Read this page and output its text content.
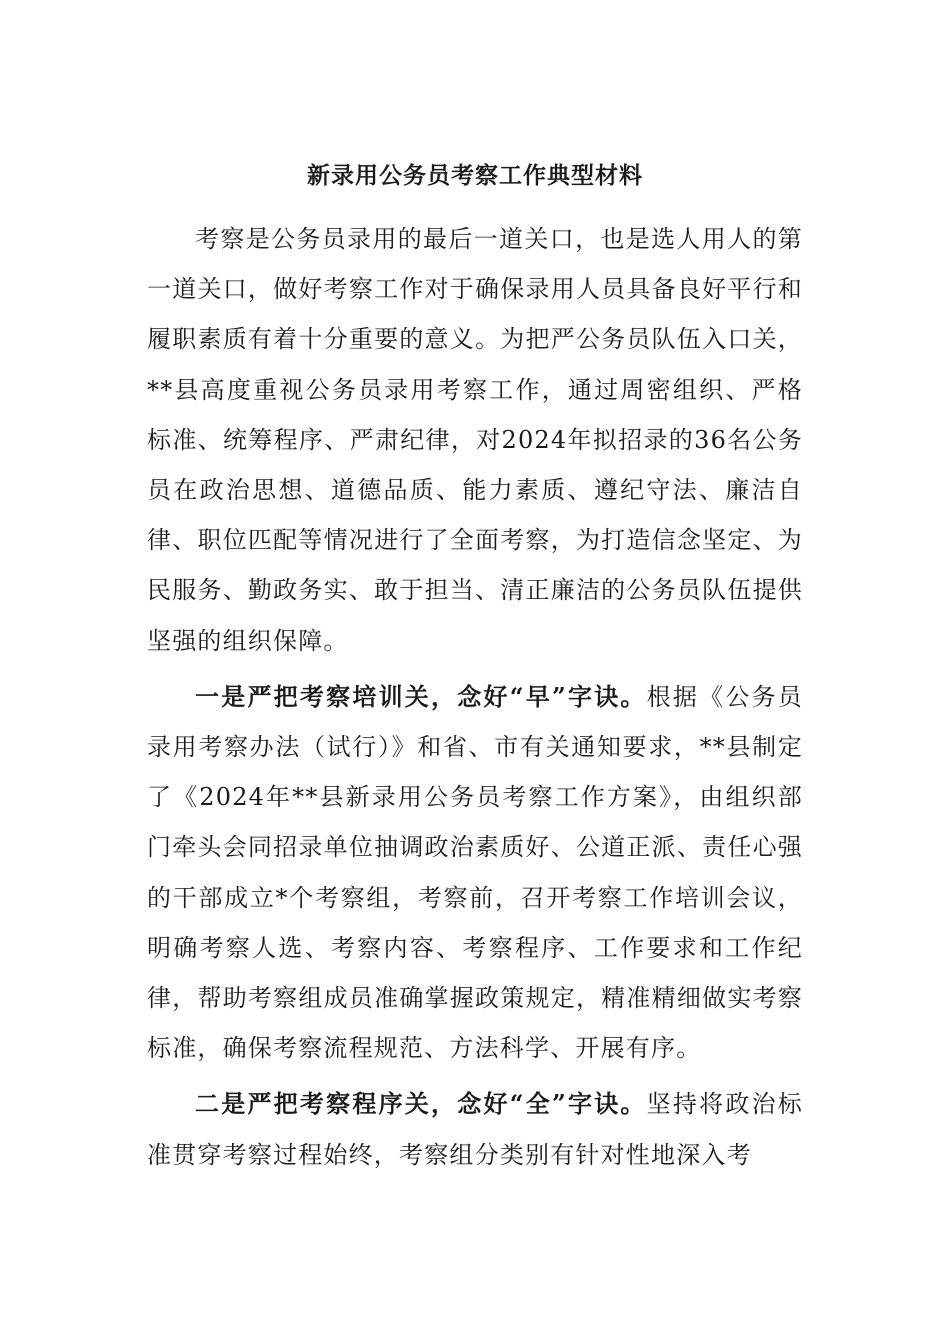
新录用公务员考察工作典型材料

考察是公务员录用的最后一道关口，也是选人用人的第一道关口，做好考察工作对于确保录用人员具备良好平行和履职素质有着十分重要的意义。为把严公务员队伍入口关，**县高度重视公务员录用考察工作，通过周密组织、严格标准、统筹程序、严肃纪律，对2024年拟招录的36名公务员在政治思想、道德品质、能力素质、遵纪守法、廉洁自律、职位匹配等情况进行了全面考察，为打造信念坚定、为民服务、勤政务实、敢于担当、清正廉洁的公务员队伍提供坚强的组织保障。

一是严把考察培训关，念好“早”字诀。根据《公务员录用考察办法（试行）》和省、市有关通知要求，**县制定了《2024年**县新录用公务员考察工作方案》，由组织部门牵头会同招录单位抽调政治素质好、公道正派、责任心强的干部成立*个考察组，考察前，召开考察工作培训会议，明确考察人选、考察内容、考察程序、工作要求和工作纪律，帮助考察组成员准确掌握政策规定，精准精细做实考察标准，确保考察流程规范、方法科学、开展有序。

二是严把考察程序关，念好“全”字诀。坚持将政治标准贯穿考察过程始终，考察组分类别有针对性地深入考
